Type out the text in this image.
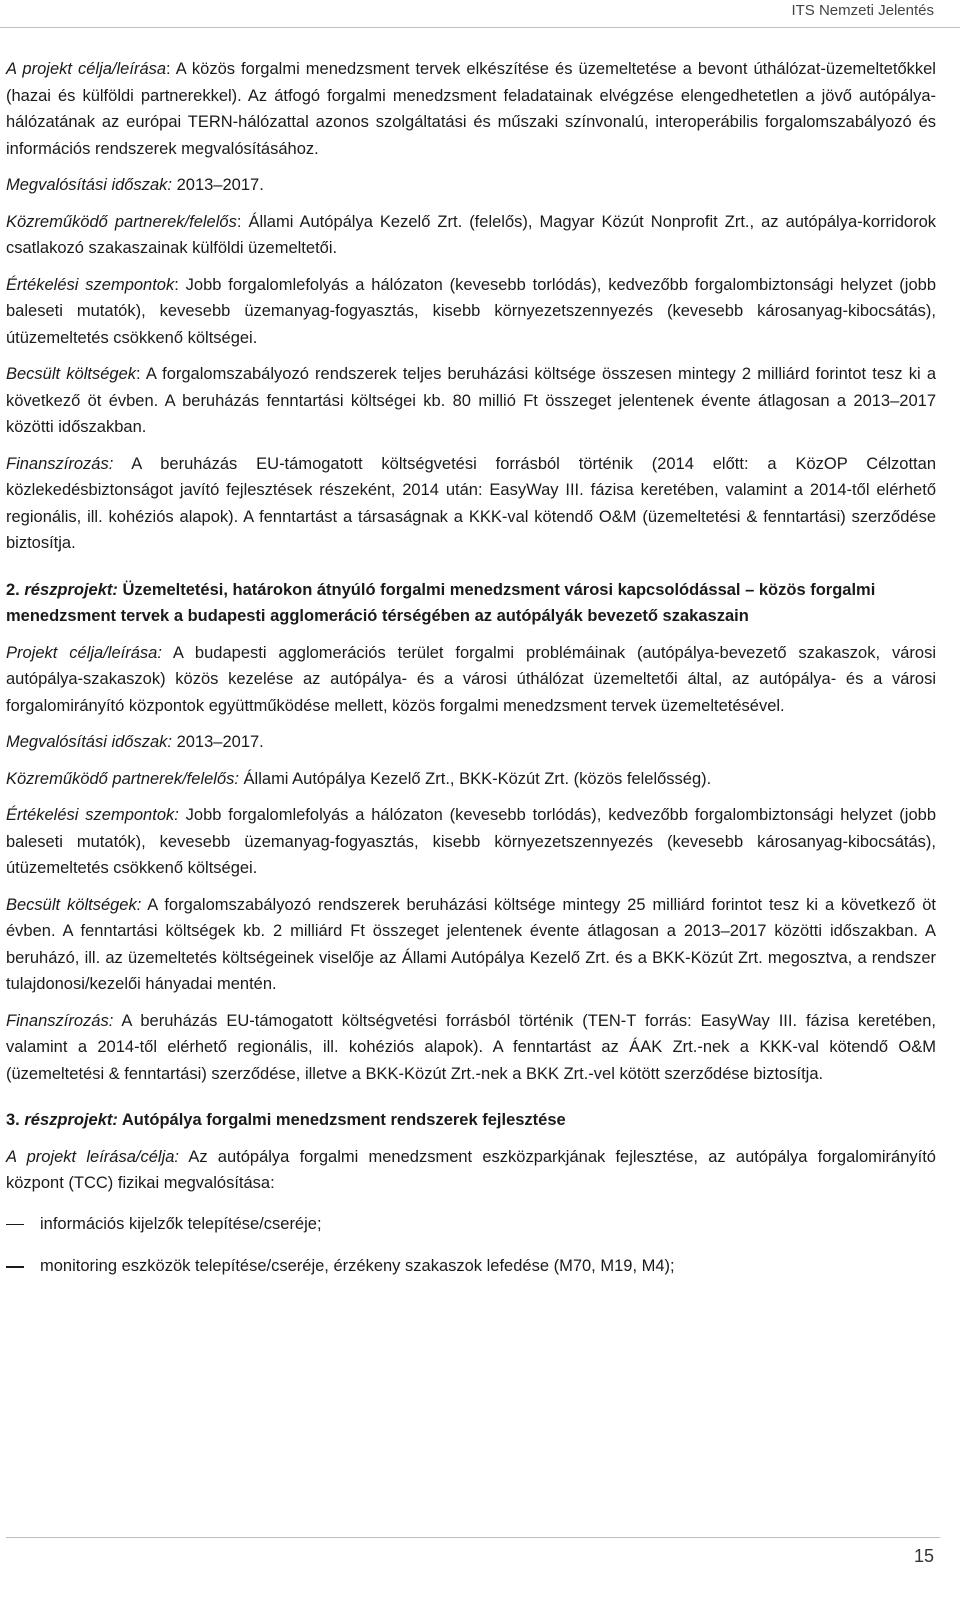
ITS Nemzeti Jelentés

A projekt célja/leírása: A közös forgalmi menedzsment tervek elkészítése és üzemeltetése a bevont úthálózat-üzemeltetőkkel (hazai és külföldi partnerekkel). Az átfogó forgalmi menedzsment feladatainak elvégzése elengedhetetlen a jövő autópálya-hálózatának az európai TERN-hálózattal azonos szolgáltatási és műszaki színvonalú, interoperábilis forgalomszabályozó és információs rendszerek megvalósításához.

Megvalósítási időszak: 2013–2017.

Közreműködő partnerek/felelős: Állami Autópálya Kezelő Zrt. (felelős), Magyar Közút Nonprofit Zrt., az autópálya-korridorok csatlakozó szakaszainak külföldi üzemeltetői.

Értékelési szempontok: Jobb forgalomlefolyás a hálózaton (kevesebb torlódás), kedvezőbb forgalombiztonsági helyzet (jobb baleseti mutatók), kevesebb üzemanyag-fogyasztás, kisebb környezetszennyezés (kevesebb károsanyag-kibocsátás), útüzemeltetés csökkenő költségei.

Becsült költségek: A forgalomszabályozó rendszerek teljes beruházási költsége összesen mintegy 2 milliárd forintot tesz ki a következő öt évben. A beruházás fenntartási költségei kb. 80 millió Ft összeget jelentenek évente átlagosan a 2013–2017 közötti időszakban.

Finanszírozás: A beruházás EU-támogatott költségvetési forrásból történik (2014 előtt: a KözOP Célzottan közlekedésbiztonságot javító fejlesztések részeként, 2014 után: EasyWay III. fázisa keretében, valamint a 2014-től elérhető regionális, ill. kohéziós alapok). A fenntartást a társaságnak a KKK-val kötendő O&M (üzemeltetési & fenntartási) szerződése biztosítja.

2. részprojekt: Üzemeltetési, határokon átnyúló forgalmi menedzsment városi kapcsolódással – közös forgalmi menedzsment tervek a budapesti agglomeráció térségében az autópályák bevezető szakaszain

Projekt célja/leírása: A budapesti agglomerációs terület forgalmi problémáinak (autópálya-bevezető szakaszok, városi autópálya-szakaszok) közös kezelése az autópálya- és a városi úthálózat üzemeltetői által, az autópálya- és a városi forgalomirányító központok együttműködése mellett, közös forgalmi menedzsment tervek üzemeltetésével.

Megvalósítási időszak: 2013–2017.

Közreműködő partnerek/felelős: Állami Autópálya Kezelő Zrt., BKK-Közút Zrt. (közös felelősség).

Értékelési szempontok: Jobb forgalomlefolyás a hálózaton (kevesebb torlódás), kedvezőbb forgalombiztonsági helyzet (jobb baleseti mutatók), kevesebb üzemanyag-fogyasztás, kisebb környezetszennyezés (kevesebb károsanyag-kibocsátás), útüzemeltetés csökkenő költségei.

Becsült költségek: A forgalomszabályozó rendszerek beruházási költsége mintegy 25 milliárd forintot tesz ki a következő öt évben. A fenntartási költségek kb. 2 milliárd Ft összeget jelentenek évente átlagosan a 2013–2017 közötti időszakban. A beruházó, ill. az üzemeltetés költségeinek viselője az Állami Autópálya Kezelő Zrt. és a BKK-Közút Zrt. megosztva, a rendszer tulajdonosi/kezelői hányadai mentén.

Finanszírozás: A beruházás EU-támogatott költségvetési forrásból történik (TEN-T forrás: EasyWay III. fázisa keretében, valamint a 2014-től elérhető regionális, ill. kohéziós alapok). A fenntartást az ÁAK Zrt.-nek a KKK-val kötendő O&M (üzemeltetési & fenntartási) szerződése, illetve a BKK-Közút Zrt.-nek a BKK Zrt.-vel kötött szerződése biztosítja.

3. részprojekt: Autópálya forgalmi menedzsment rendszerek fejlesztése

A projekt leírása/célja: Az autópálya forgalmi menedzsment eszközparkjának fejlesztése, az autópálya forgalomirányító központ (TCC) fizikai megvalósítása:

információs kijelzők telepítése/cseréje;
monitoring eszközök telepítése/cseréje, érzékeny szakaszok lefedése (M70, M19, M4);
15
